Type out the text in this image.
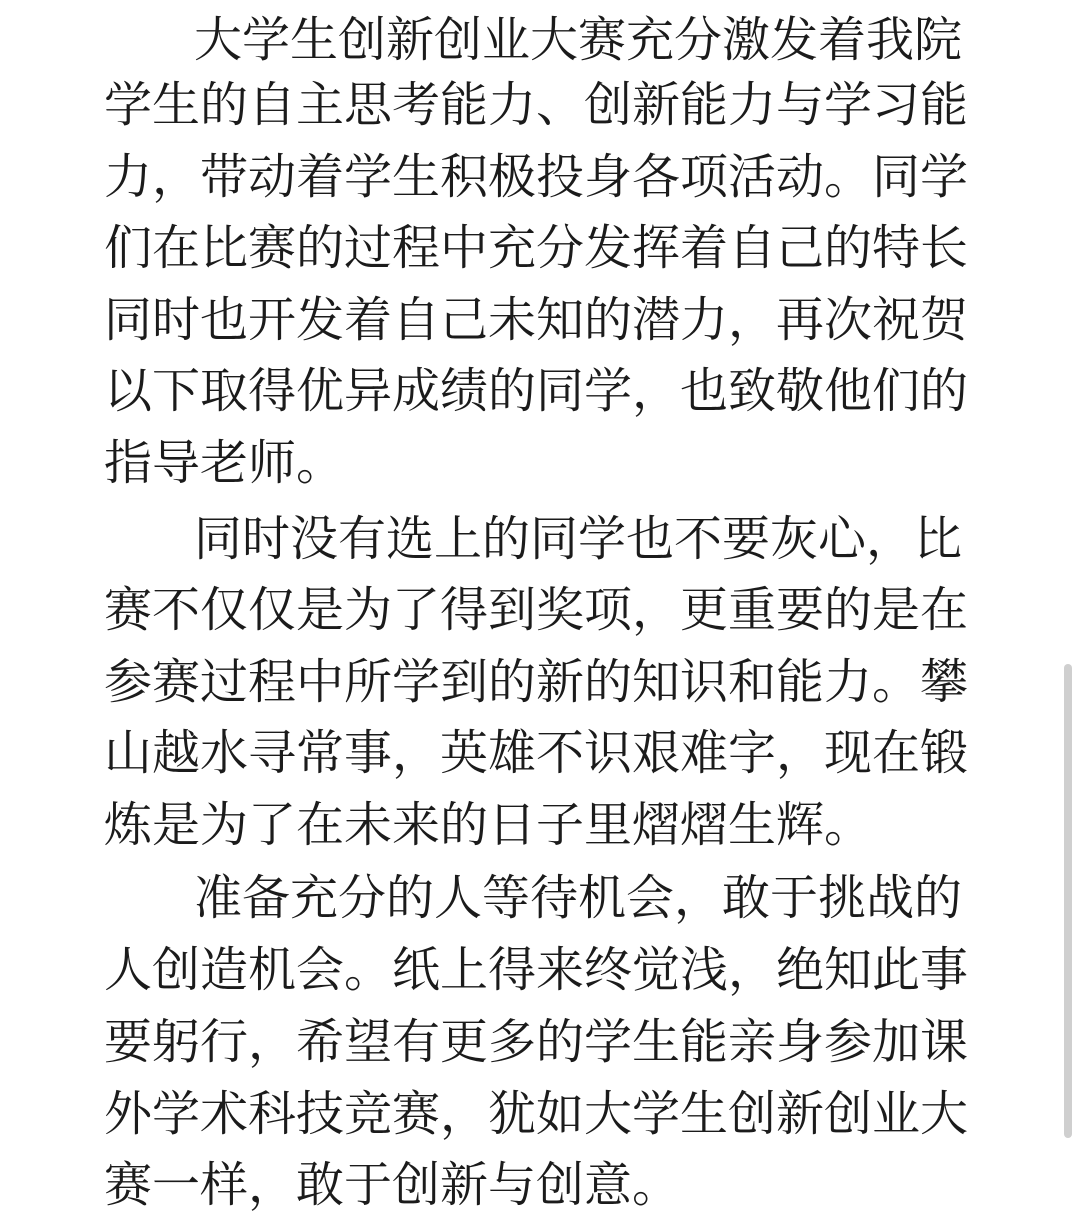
大学生创新创业大赛充分激发着我院
学生的自主思考能力、创新能力与学习能
力，带动着学生积极投身各项活动。同学
们在比赛的过程中充分发挥着自己的特长
同时也开发着自己未知的潜力，再次祝贺
以下取得优异成绩的同学，也致敬他们的
指导老师。
同时没有选上的同学也不要灰心，比
赛不仅仅是为了得到奖项，更重要的是在
参赛过程中所学到的新的知识和能力。攀
山越水寻常事，英雄不识艰难字，现在锻
炼是为了在未来的日子里熠熠生辉。
准备充分的人等待机会，敢于挑战的
人创造机会。纸上得来终觉浅，绝知此事
要躬行，希望有更多的学生能亲身参加课
外学术科技竞赛，犹如大学生创新创业大
赛一样，敢于创新与创意。
